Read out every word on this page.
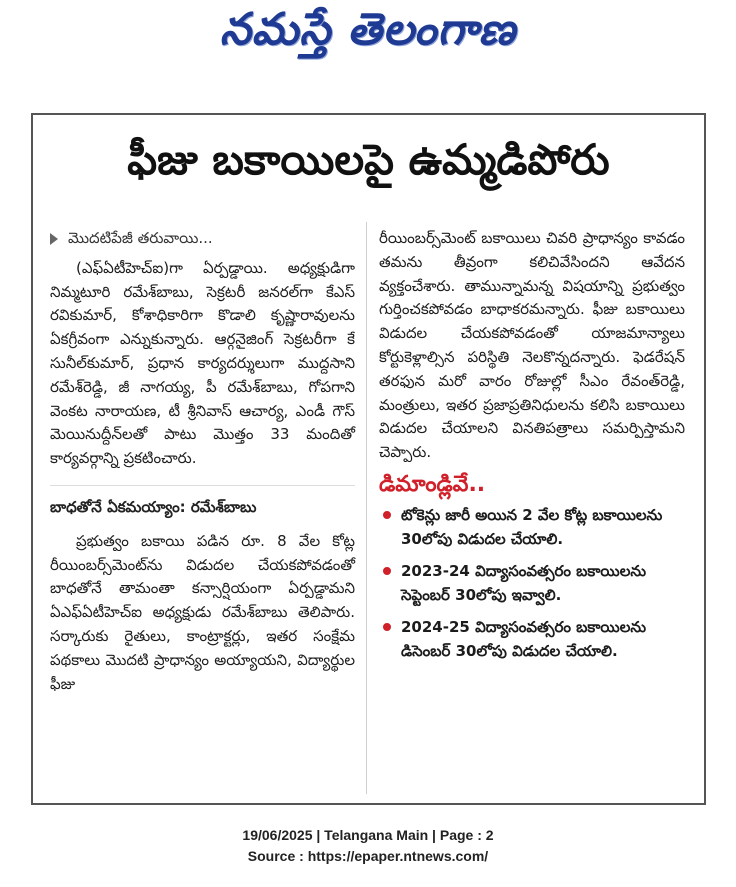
నమస్తే తెలంగాణ
ఫీజు బకాయిలపై ఉమ్మడిపోరు
మొదటిపేజీ తరువాయి...

(ఎఫ్ఏటీహెచ్ఐ)గా ఏర్పడ్డాయి. అధ్యక్షుడిగా నిమ్మటూరి రమేశ్‌బాబు, సెక్రటరీ జనరల్‌గా కేఎస్ రవికుమార్, కోశాధికారిగా కొడాలి కృష్ణారావులను ఏకగ్రీవంగా ఎన్నుకున్నారు. ఆర్గనైజింగ్ సెక్రటరీగా కే సునీల్‌కుమార్, ప్రధాన కార్యదర్శులుగా ముద్దసాని రమేశ్‌రెడ్డి, జీ నాగయ్య, పీ రమేశ్‌బాబు, గోపగాని వెంకట నారాయణ, టీ శ్రీనివాస్ ఆచార్య, ఎండీ గౌస్ మెయినుద్దీన్‌లతో పాటు మొత్తం 33 మందితో కార్యవర్గాన్ని ప్రకటించారు.

బాధతోనే ఏకమయ్యాం: రమేశ్‌బాబు

ప్రభుత్వం బకాయి పడిన రూ. 8 వేల కోట్ల రీయింబర్స్‌మెంట్‌ను విడుదల చేయకపోవడంతో బాధతోనే తామంతా కన్సార్షియంగా ఏర్పడ్డామని ఏఎఫ్ఏటీహెచ్ఐ అధ్యక్షుడు రమేశ్‌బాబు తెలిపారు. సర్కారుకు రైతులు, కాంట్రాక్టర్లు, ఇతర సంక్షేమ పథకాలు మొదటి ప్రాధాన్యం అయ్యాయని, విద్యార్థుల ఫీజు

రీయింబర్స్‌మెంట్ బకాయిలు చివరి ప్రాధాన్యం కావడం తమను తీవ్రంగా కలిచివేసిందని ఆవేదన వ్యక్తంచేశారు. తామున్నామన్న విషయాన్ని ప్రభుత్వం గుర్తించకపోవడం బాధాకరమన్నారు. ఫీజు బకాయిలు విడుదల చేయకపోవడంతో యాజమాన్యాలు కోర్టుకెళ్లాల్సిన పరిస్థితి నెలకొన్నదన్నారు. ఫెడరేషన్ తరఫున మరో వారం రోజుల్లో సీఎం రేవంత్‌రెడ్డి, మంత్రులు, ఇతర ప్రజాప్రతినిధులను కలిసి బకాయిలు విడుదల చేయాలని వినతిపత్రాలు సమర్పిస్తామని చెప్పారు.

డిమాండ్లివే..
టోకెన్లు జారీ అయిన 2 వేల కోట్ల బకాయిలను 30లోపు విడుదల చేయాలి.
2023-24 విద్యాసంవత్సరం బకాయిలను సెప్టెంబర్ 30లోపు ఇవ్వాలి.
2024-25 విద్యాసంవత్సరం బకాయిలను డిసెంబర్ 30లోపు విడుదల చేయాలి.
19/06/2025 | Telangana Main | Page : 2
Source : https://epaper.ntnews.com/
